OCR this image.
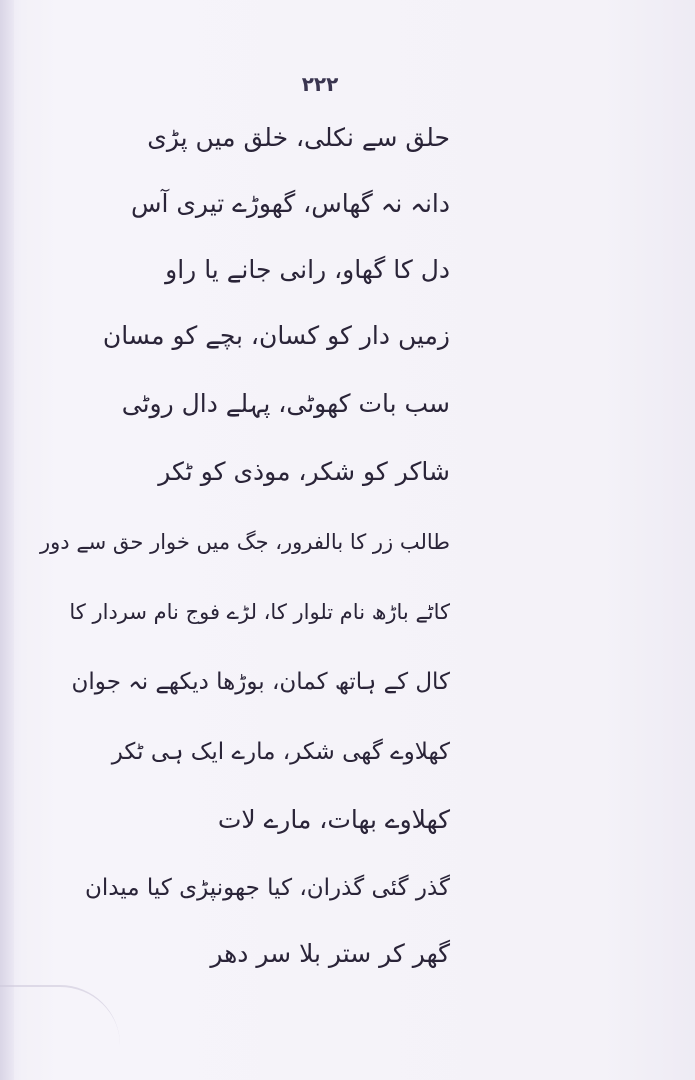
۲۲۲
حلق سے نکلی، خلق میں پڑی
دانہ نہ گھاس، گھوڑے تیری آس
دل کا گھاو، رانی جانے یا راو
زمیں دار کو کسان، بچے کو مسان
سب بات کھوٹی، پہلے دال روٹی
شاکر کو شکر، موذی کو ٹکر
طالب زر کا بالفرور، جگ میں خوار حق سے دور
کاٹے باڑھ نام تلوار کا، لڑے فوج نام سردار کا
کال کے ہاتھ کمان، بوڑھا دیکھے نہ جوان
کھلاوے گھی شکر، مارے ایک ہی ٹکر
کھلاوے بھات، مارے لات
گذر گئی گذران، کیا جھونپڑی کیا میدان
گھر کر ستر بلا سر دھر
